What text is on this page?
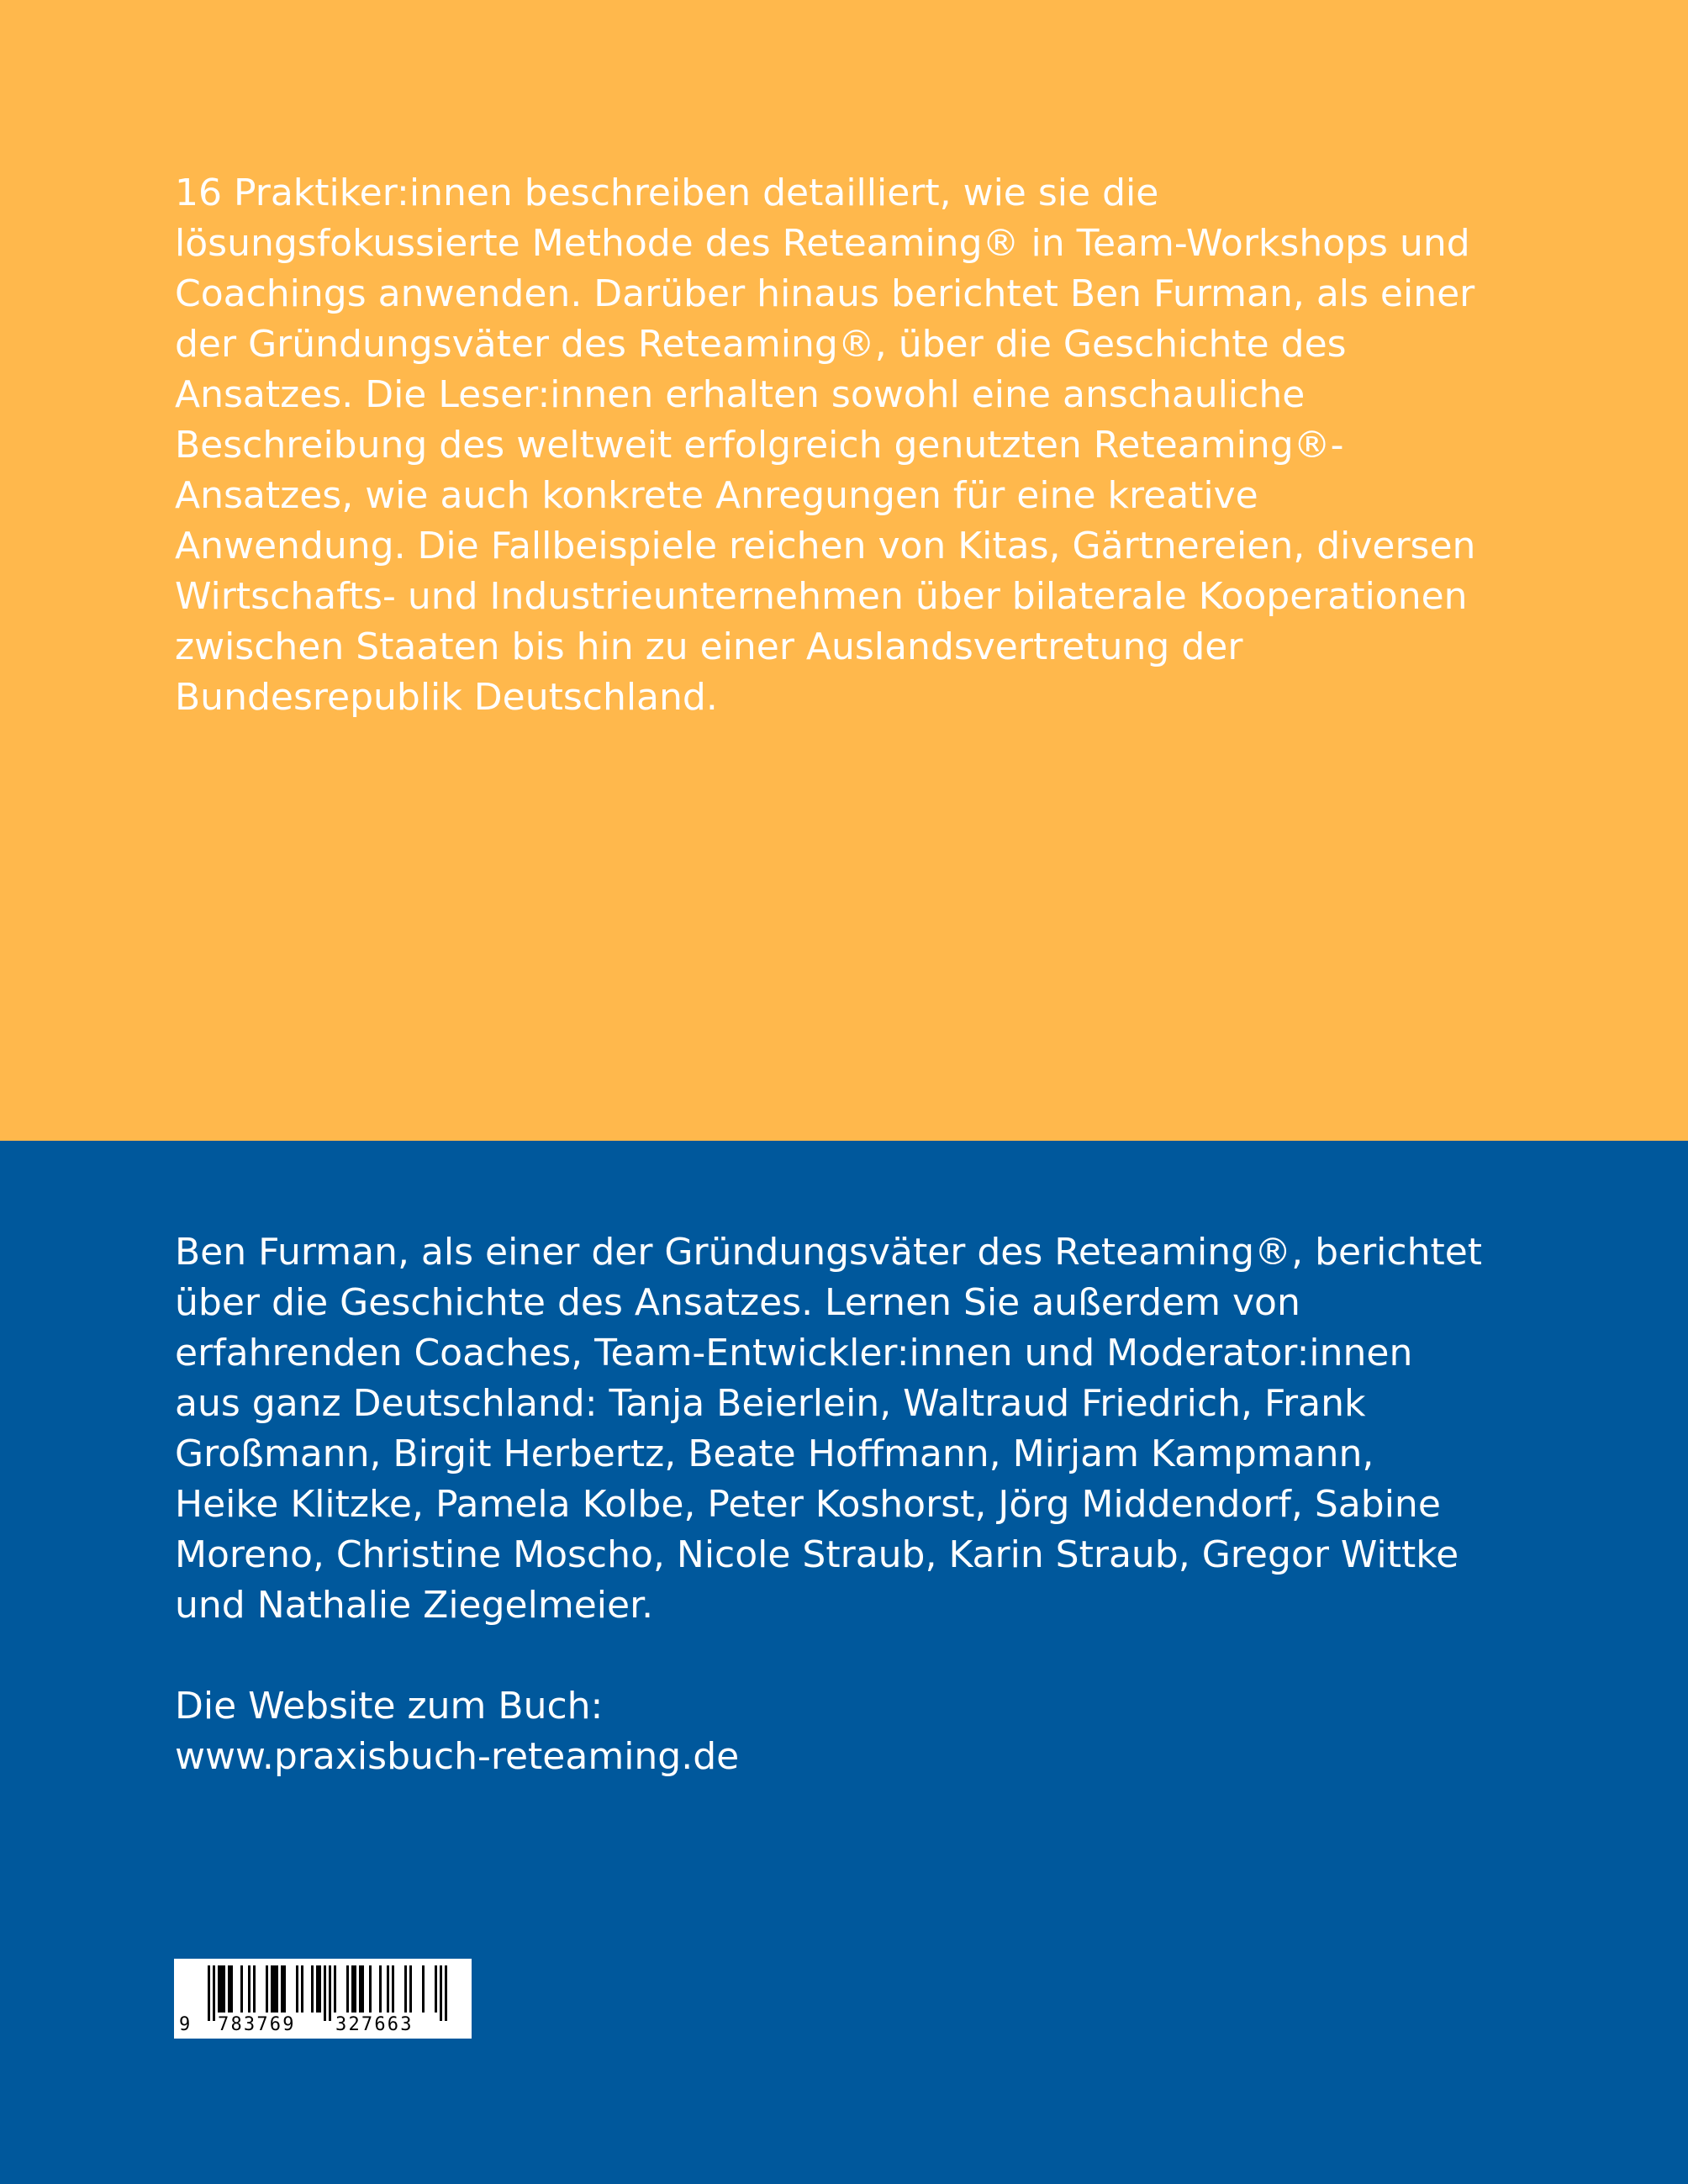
16 Praktiker:innen beschreiben detailliert, wie sie die lösungsfokussierte Methode des Reteaming® in Team-Workshops und Coachings anwenden. Darüber hinaus berichtet Ben Furman, als einer der Gründungsväter des Reteaming®, über die Geschichte des Ansatzes. Die Leser:innen erhalten sowohl eine anschauliche Beschreibung des weltweit erfolgreich genutzten Reteaming®-Ansatzes, wie auch konkrete Anregungen für eine kreative Anwendung. Die Fallbeispiele reichen von Kitas, Gärtnereien, diversen Wirtschafts- und Industrieunternehmen über bilaterale Kooperationen zwischen Staaten bis hin zu einer Auslandsvertretung der Bundesrepublik Deutschland.

Ben Furman, als einer der Gründungsväter des Reteaming®, berichtet über die Geschichte des Ansatzes. Lernen Sie außerdem von erfahrenden Coaches, Team-Entwickler:innen und Moderator:innen aus ganz Deutschland: Tanja Beierlein, Waltraud Friedrich, Frank Großmann, Birgit Herbertz, Beate Hoffmann, Mirjam Kampmann, Heike Klitzke, Pamela Kolbe, Peter Koshorst, Jörg Middendorf, Sabine Moreno, Christine Moscho, Nicole Straub, Karin Straub, Gregor Wittke und Nathalie Ziegelmeier.

Die Website zum Buch:

www.praxisbuch-reteaming.de

9 783769 327663
